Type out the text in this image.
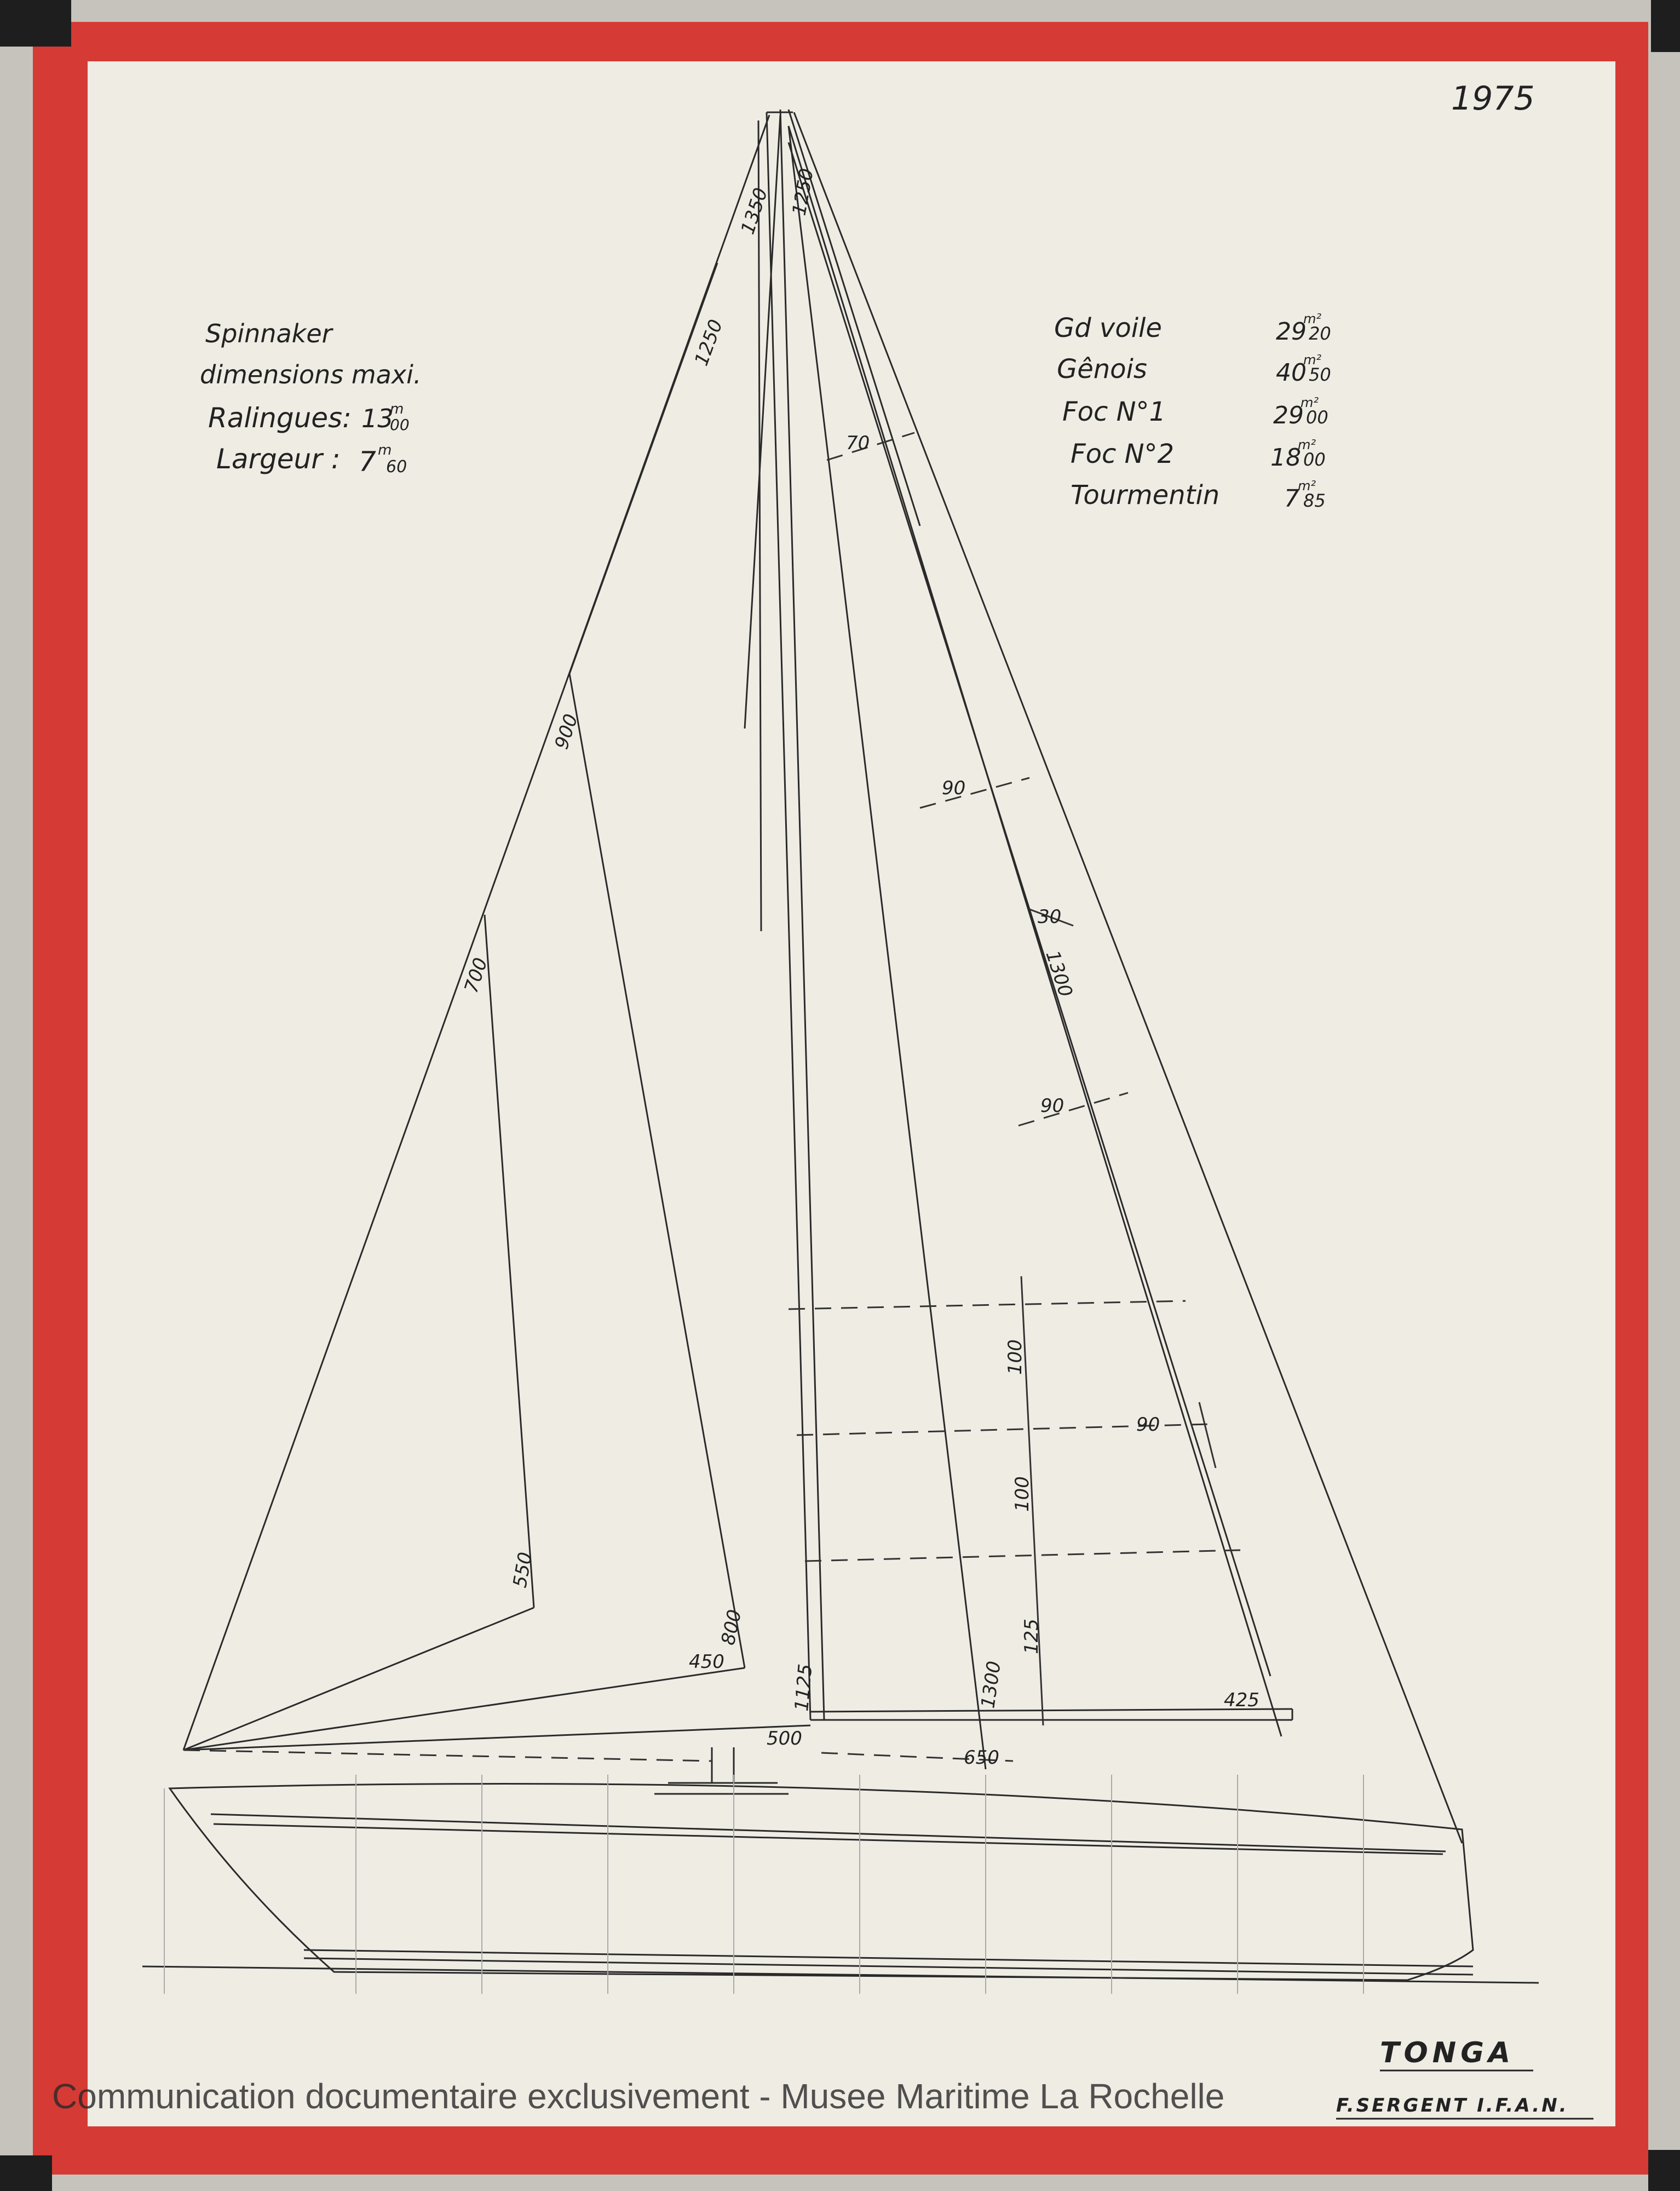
1975
Spinnaker
dimensions maxi.
Ralingues: 13
m
00
Largeur : 7 m
60
Gd voile	29
m²
20
Gênois	40
m²
50
Foc N°1	29
m²
00
Foc N°2	18
m²
00
Tourmentin	7
m²
85
1350 1250
1250
70
90
30
1300
90
900
700
550
450
800
100
100
90
125
1125	1300	425
500
650
TONGA
F.SERGENT I.F.A.N.
Communication documentaire exclusivement - Musee Maritime La Rochelle
